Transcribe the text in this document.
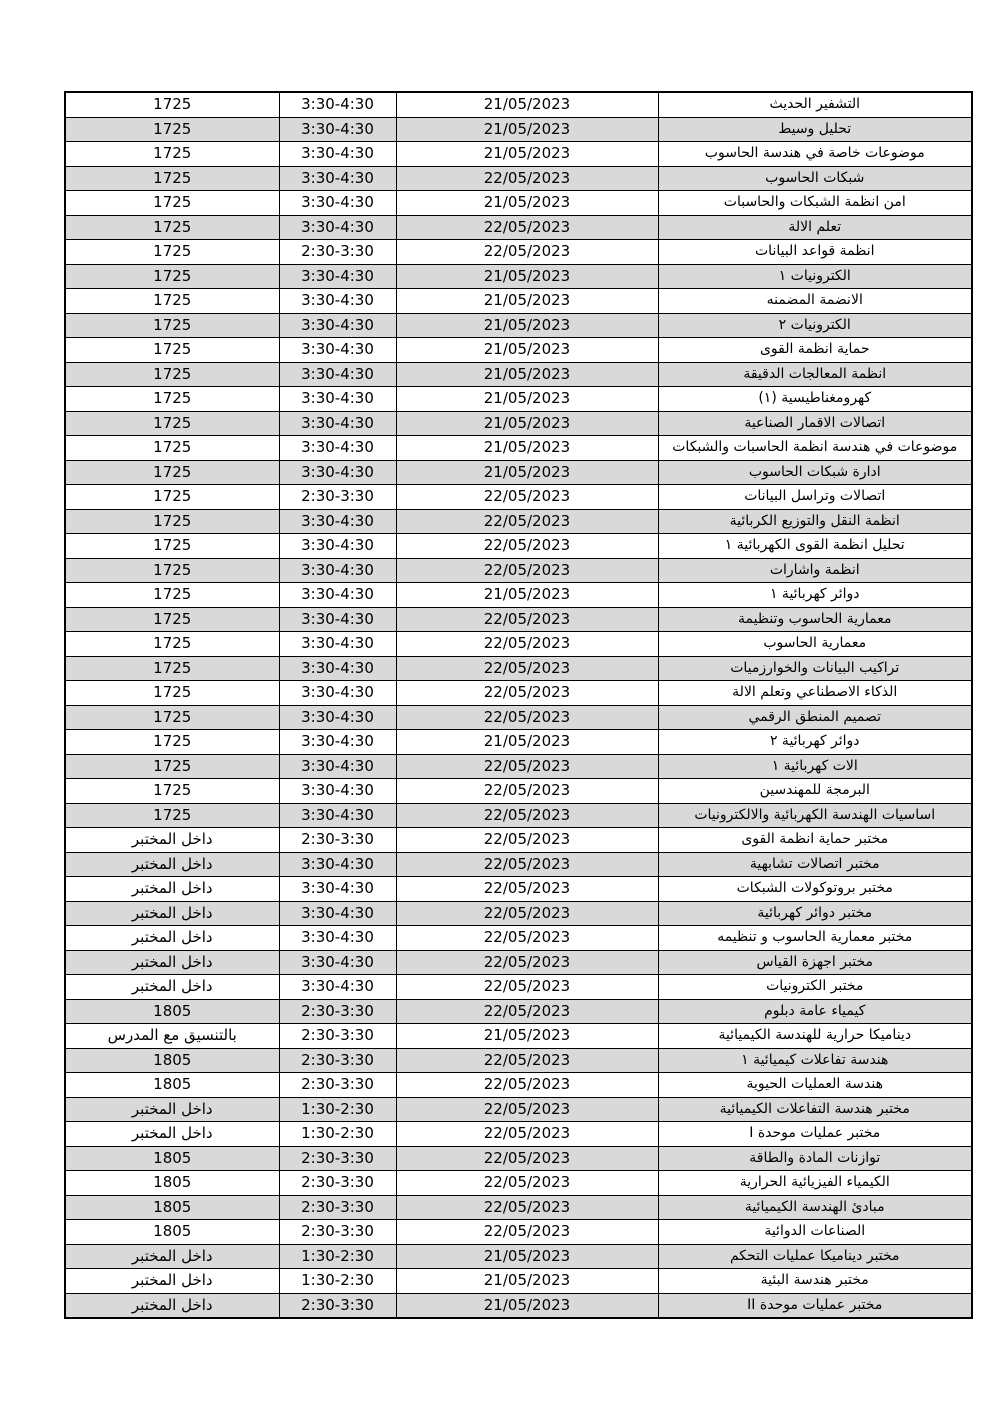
1725	3:30-4:30	21/05/2023	التشفير الحديث
1725	3:30-4:30	21/05/2023	تحليل وسيط
1725	3:30-4:30	21/05/2023	موضوعات خاصة في هندسة الحاسوب
1725	3:30-4:30	22/05/2023	شبكات الحاسوب
1725	3:30-4:30	21/05/2023	امن انظمة الشبكات والحاسبات
1725	3:30-4:30	22/05/2023	تعلم الالة
1725	2:30-3:30	22/05/2023	انظمة قواعد البيانات
1725	3:30-4:30	21/05/2023	الكترونيات ١
1725	3:30-4:30	21/05/2023	الانضمة المضمنه
1725	3:30-4:30	21/05/2023	الكترونيات ٢
1725	3:30-4:30	21/05/2023	حماية انظمة القوى
1725	3:30-4:30	21/05/2023	انظمة المعالجات الدقيقة
1725	3:30-4:30	21/05/2023	كهرومغناطيسية (١)
1725	3:30-4:30	21/05/2023	اتصالات الاقمار الصناعية
1725	3:30-4:30	21/05/2023	موضوعات في هندسة انظمة الحاسبات والشبكات
1725	3:30-4:30	21/05/2023	ادارة شبكات الحاسوب
1725	2:30-3:30	22/05/2023	اتصالات وتراسل البيانات
1725	3:30-4:30	22/05/2023	انظمة النقل والتوزيع الكربائية
1725	3:30-4:30	22/05/2023	تحليل انظمة القوى الكهربائية ١
1725	3:30-4:30	22/05/2023	انظمة واشارات
1725	3:30-4:30	21/05/2023	دوائر كهربائية ١
1725	3:30-4:30	22/05/2023	معمارية الحاسوب وتنظيمة
1725	3:30-4:30	22/05/2023	معمارية الحاسوب
1725	3:30-4:30	22/05/2023	تراكيب البيانات والخوارزميات
1725	3:30-4:30	22/05/2023	الذكاء الاصطناعي وتعلم الالة
1725	3:30-4:30	22/05/2023	تصميم المنطق الرقمي
1725	3:30-4:30	21/05/2023	دوائر كهربائية ٢
1725	3:30-4:30	22/05/2023	الات كهربائية ١
1725	3:30-4:30	22/05/2023	البرمجة للمهندسين
1725	3:30-4:30	22/05/2023	اساسيات الهندسة الكهربائية والالكترونيات
داخل المختبر	2:30-3:30	22/05/2023	مختبر حماية انظمة القوى
داخل المختبر	3:30-4:30	22/05/2023	مختبر اتصالات تشابهية
داخل المختبر	3:30-4:30	22/05/2023	مختبر بروتوكولات الشبكات
داخل المختبر	3:30-4:30	22/05/2023	مختبر دوائر كهربائية
داخل المختبر	3:30-4:30	22/05/2023	مختبر معمارية الحاسوب و تنظيمه
داخل المختبر	3:30-4:30	22/05/2023	مختبر اجهزة القياس
داخل المختبر	3:30-4:30	22/05/2023	مختبر الكترونيات
1805	2:30-3:30	22/05/2023	كيمياء عامة دبلوم
بالتنسيق مع المدرس	2:30-3:30	21/05/2023	ديناميكا حرارية للهندسة الكيميائية
1805	2:30-3:30	22/05/2023	هندسة تفاعلات كيميائية ١
1805	2:30-3:30	22/05/2023	هندسة العمليات الحيوية
داخل المختبر	1:30-2:30	22/05/2023	مختبر هندسة التفاعلات الكيميائية
داخل المختبر	1:30-2:30	22/05/2023	مختبر عمليات موحدة I
1805	2:30-3:30	22/05/2023	توازنات المادة والطاقة
1805	2:30-3:30	22/05/2023	الكيمياء الفيزيائية الحرارية
1805	2:30-3:30	22/05/2023	مبادئ الهندسة الكيميائية
1805	2:30-3:30	22/05/2023	الصناعات الدوائية
داخل المختبر	1:30-2:30	21/05/2023	مختبر ديناميكا عمليات التحكم
داخل المختبر	1:30-2:30	21/05/2023	مختبر هندسة البئية
داخل المختبر	2:30-3:30	21/05/2023	مختبر عمليات موحدة II
